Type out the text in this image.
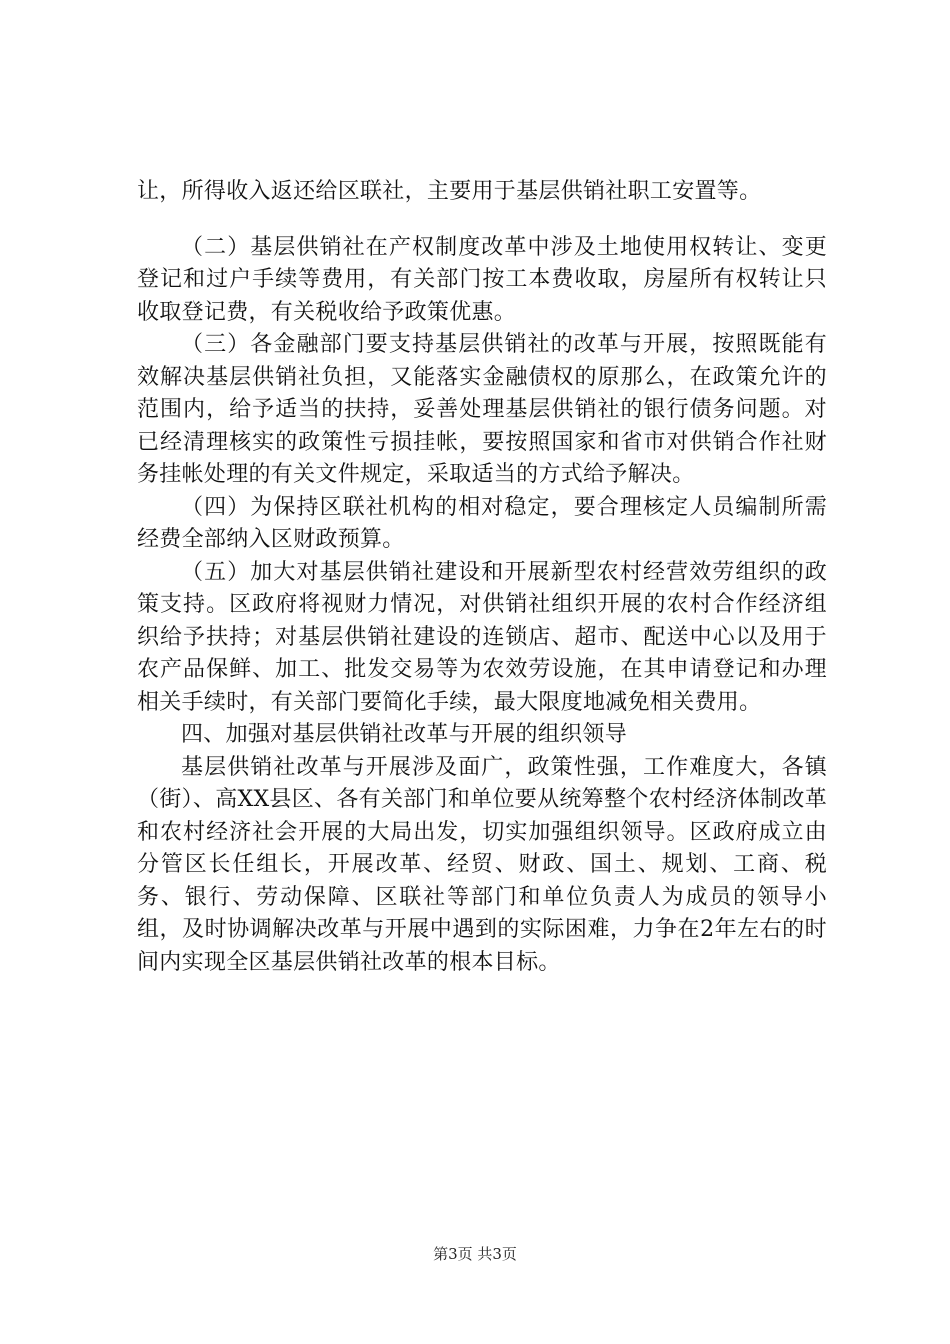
让，所得收入返还给区联社，主要用于基层供销社职工安置等。

（二）基层供销社在产权制度改革中涉及土地使用权转让、变更登记和过户手续等费用，有关部门按工本费收取，房屋所有权转让只收取登记费，有关税收给予政策优惠。

（三）各金融部门要支持基层供销社的改革与开展，按照既能有效解决基层供销社负担，又能落实金融债权的原那么，在政策允许的范围内，给予适当的扶持，妥善处理基层供销社的银行债务问题。对已经清理核实的政策性亏损挂帐，要按照国家和省市对供销合作社财务挂帐处理的有关文件规定，采取适当的方式给予解决。

（四）为保持区联社机构的相对稳定，要合理核定人员编制所需经费全部纳入区财政预算。

（五）加大对基层供销社建设和开展新型农村经营效劳组织的政策支持。区政府将视财力情况，对供销社组织开展的农村合作经济组织给予扶持；对基层供销社建设的连锁店、超市、配送中心以及用于农产品保鲜、加工、批发交易等为农效劳设施，在其申请登记和办理相关手续时，有关部门要简化手续，最大限度地减免相关费用。

四、加强对基层供销社改革与开展的组织领导

基层供销社改革与开展涉及面广，政策性强，工作难度大，各镇（街）、高XX县区、各有关部门和单位要从统筹整个农村经济体制改革和农村经济社会开展的大局出发，切实加强组织领导。区政府成立由分管区长任组长，开展改革、经贸、财政、国土、规划、工商、税务、银行、劳动保障、区联社等部门和单位负责人为成员的领导小组，及时协调解决改革与开展中遇到的实际困难，力争在2年左右的时间内实现全区基层供销社改革的根本目标。

第3页 共3页
